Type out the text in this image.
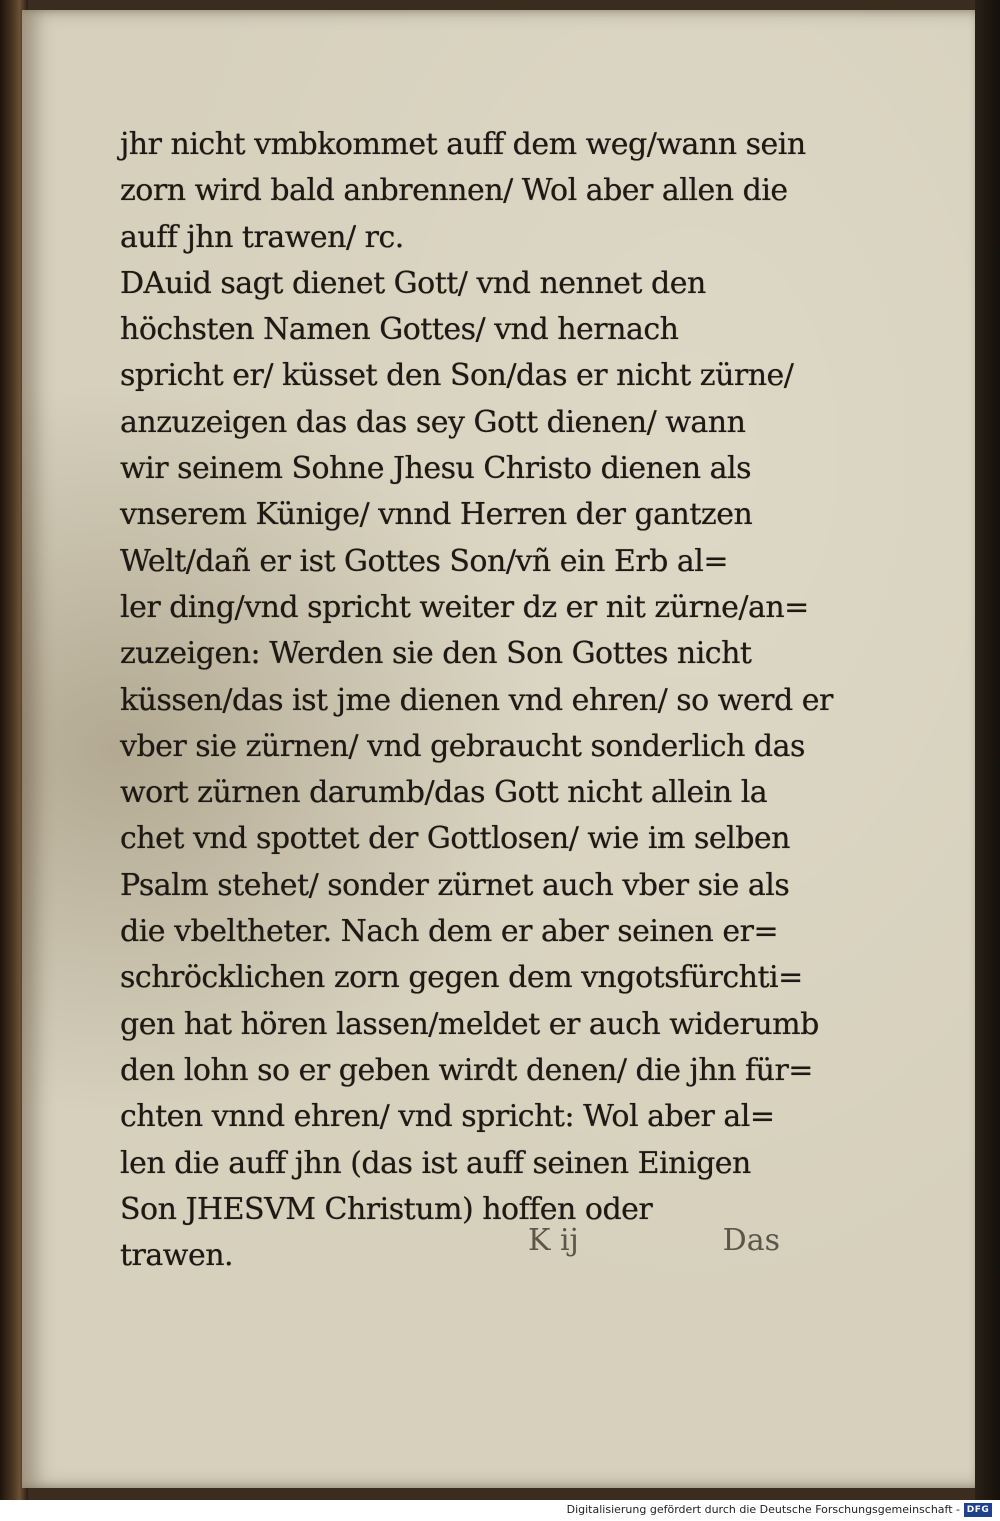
jhr nicht vmbkommet auff dem weg/wann sein
zorn wird bald anbrennen/ Wol aber allen die
auff jhn trawen/ rc.
DAuid sagt dienet Gott/ vnd nennet den
höchsten Namen Gottes/ vnd hernach
spricht er/ küsset den Son/das er nicht zürne/
anzuzeigen das das sey Gott dienen/ wann
wir seinem Sohne Jhesu Christo dienen als
vnserem Künige/ vnnd Herren der gantzen
Welt/dañ er ist Gottes Son/vñ ein Erb al=
ler ding/vnd spricht weiter dz er nit zürne/an=
zuzeigen: Werden sie den Son Gottes nicht
küssen/das ist jme dienen vnd ehren/ so werd er
vber sie zürnen/ vnd gebraucht sonderlich das
wort zürnen darumb/das Gott nicht allein la
chet vnd spottet der Gottlosen/ wie im selben
Psalm stehet/ sonder zürnet auch vber sie als
die vbeltheter. Nach dem er aber seinen er=
schröcklichen zorn gegen dem vngotsfürchti=
gen hat hören lassen/meldet er auch widerumb
den lohn so er geben wirdt denen/ die jhn für=
chten vnnd ehren/ vnd spricht: Wol aber al=
len die auff jhn (das ist auff seinen Einigen
Son JHESVM Christum) hoffen oder
trawen.	K ij	Das
Digitalisierung gefördert durch die Deutsche Forschungsgemeinschaft - DFG
